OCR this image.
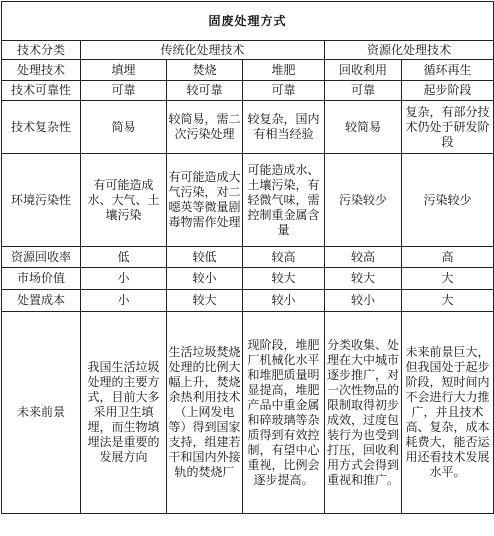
固废处理方式					
技术分类	传统化处理技术			资源化处理技术	
处理技术	填埋	焚烧	堆肥	回收利用	循环再生
技术可靠性	可靠	较可靠	可靠	可靠	起步阶段
技术复杂性	简易	较简易，需二次污染处理	较复杂，国内有相当经验	较简易	复杂，有部分技术仍处于研发阶段
环境污染性	有可能造成水、大气、土壤污染	有可能造成大气污染，对二噁英等微量剧毒物需作处理	可能造成水、土壤污染，有轻微气味，需控制重金属含量	污染较少	污染较少
资源回收率	低	较低	较高	较高	高
市场价值	小	较小	较大	较大	大
处置成本	小	较大	较小	较小	大
未来前景	我国生活垃圾处理的主要方式，目前大多采用卫生填埋，而生物填埋法是重要的发展方向	生活垃圾焚烧处理的比例大幅上升，焚烧余热利用技术（上网发电等）得到国家支持，组建若干和国内外接轨的焚烧厂	现阶段，堆肥厂机械化水平和堆肥质量明显提高，堆肥产品中重金属和碎玻璃等杂质得到有效控制，有望中心重视，比例会逐步提高。	分类收集、处理在大中城市逐步推广，对一次性物品的限制取得初步成效，过度包装行为也受到打压，回收利用方式会得到重视和推广。	未来前景巨大，但我国处于起步阶段，短时间内不会进行大力推广，并且技术高、复杂，成本耗费大，能否运用还看技术发展水平。
